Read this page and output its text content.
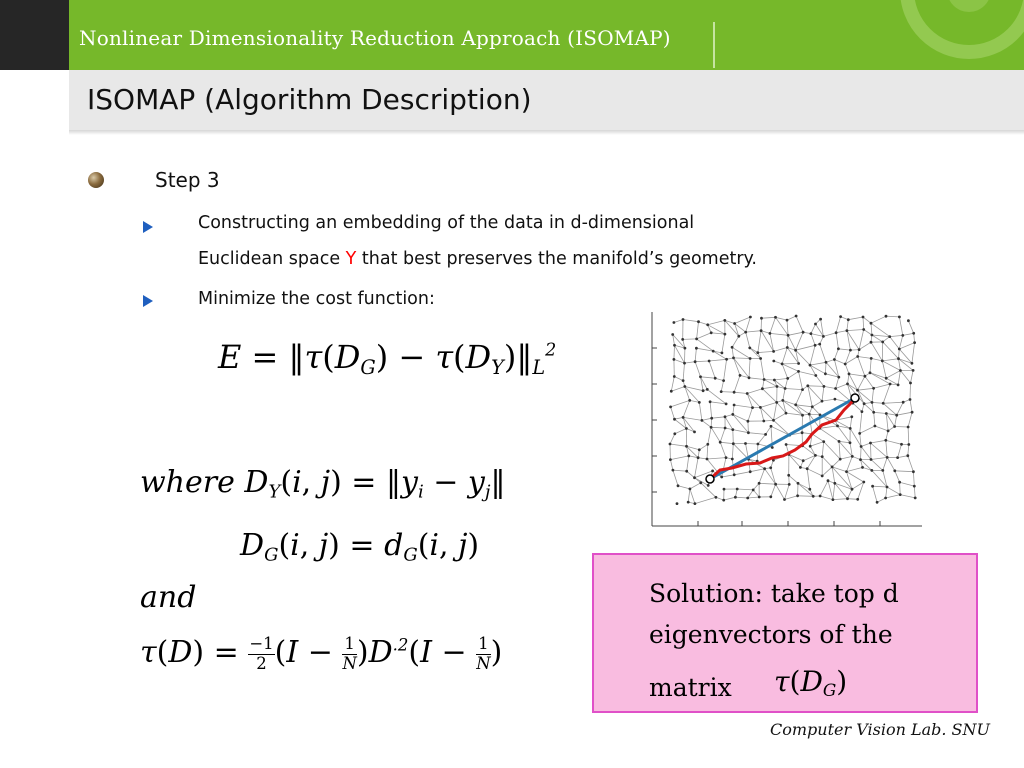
Nonlinear Dimensionality Reduction Approach (ISOMAP)
ISOMAP (Algorithm Description)
Step 3
Constructing an embedding of the data in d-dimensional
Euclidean space Y that best preserves the manifold’s geometry.
Minimize the cost function:
$E = ‖\tau(D_G)$ − $\tau(D_Y)‖_L^2$
where $D_Y(i$, $j) = ‖y_i$ − $y_j‖$
$D_G(i$, $j) = d_G(i$, j)
and
$\tau(D) = \frac{-1}{2} (I - \frac{1}{N} )D^{.2}(I - \frac{1}{N}$ )
Solution: take top d
eigenvectors of the
matrix $\tau(D_G)$
Computer Vision Lab. SNU
